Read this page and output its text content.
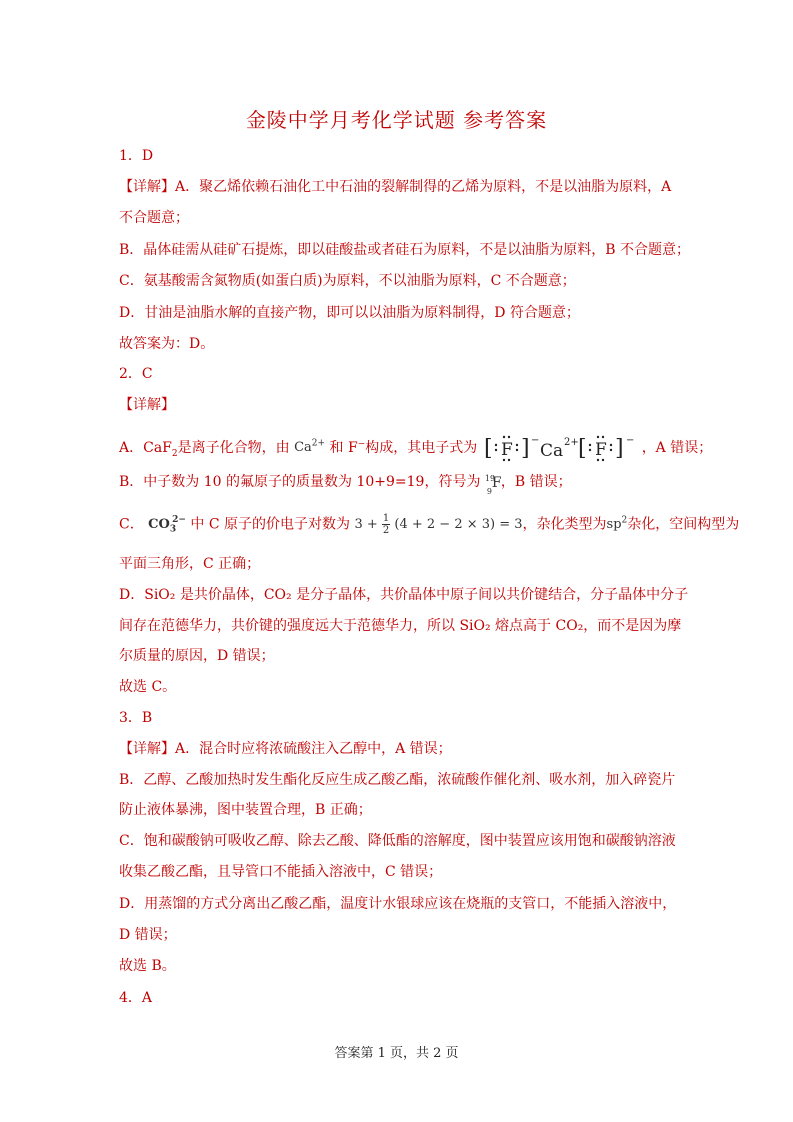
金陵中学月考化学试题 参考答案
1．D
【详解】A．聚乙烯依赖石油化工中石油的裂解制得的乙烯为原料，不是以油脂为原料，A
不合题意；
B．晶体硅需从硅矿石提炼，即以硅酸盐或者硅石为原料，不是以油脂为原料，B 不合题意；
C．氨基酸需含氮物质(如蛋白质)为原料，不以油脂为原料，C 不合题意；
D．甘油是油脂水解的直接产物，即可以以油脂为原料制得，D 符合题意；
故答案为：D。
2．C
【详解】
A．CaF$_2$是离子化合物，由 $Ca^{2+}$ 和 F−构成，其电子式为 [ F ] −
Ca 2+ [ F ] − ，A 错误；
B．中子数为 10 的氟原子的质量数为 10+9=19，符号为 19
9
F ，B 错误；
C． $CO_3^{2-}$ 中 C 原子的价电子对数为 $3 + \frac{1}{2} (4 + 2 - 2 \times 3) = 3$，杂化类型为$sp^2$杂化，空间构型为
平面三角形，C 正确；
D．SiO₂ 是共价晶体，CO₂ 是分子晶体，共价晶体中原子间以共价键结合，分子晶体中分子
间存在范德华力，共价键的强度远大于范德华力，所以 SiO₂ 熔点高于 CO₂，而不是因为摩
尔质量的原因，D 错误；
故选 C。
3．B
【详解】A．混合时应将浓硫酸注入乙醇中，A 错误；
B．乙醇、乙酸加热时发生酯化反应生成乙酸乙酯，浓硫酸作催化剂、吸水剂，加入碎瓷片
防止液体暴沸，图中装置合理，B 正确；
C．饱和碳酸钠可吸收乙醇、除去乙酸、降低酯的溶解度，图中装置应该用饱和碳酸钠溶液
收集乙酸乙酯，且导管口不能插入溶液中，C 错误；
D．用蒸馏的方式分离出乙酸乙酯，温度计水银球应该在烧瓶的支管口，不能插入溶液中，
D 错误；
故选 B。
4．A
答案第 1 页，共 2 页
